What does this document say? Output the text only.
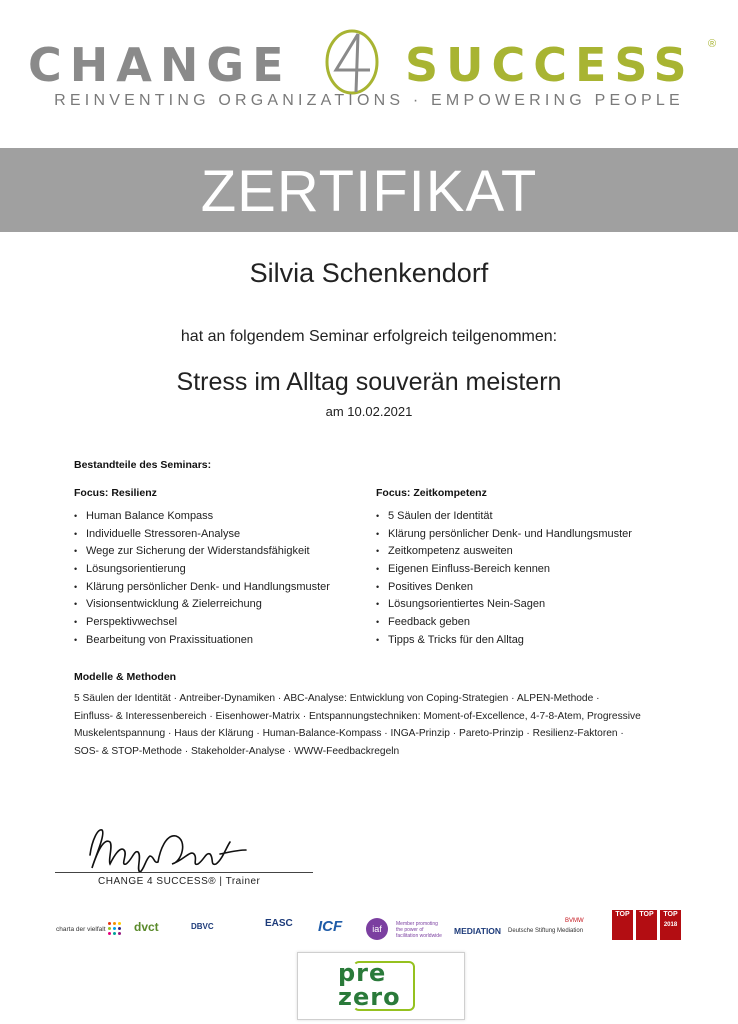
CHANGE SUCCESS ®
REINVENTING ORGANIZATIONS · EMPOWERING PEOPLE
ZERTIFIKAT
Silvia Schenkendorf
hat an folgendem Seminar erfolgreich teilgenommen:
Stress im Alltag souverän meistern
am 10.02.2021
Bestandteile des Seminars:
Focus: Resilienz	Focus: Zeitkompetenz
• Human Balance Kompass
• Individuelle Stressoren-Analyse
• Wege zur Sicherung der Widerstandsfähigkeit
• Lösungsorientierung
• Klärung persönlicher Denk- und Handlungsmuster
• Visionsentwicklung & Zielerreichung
• Perspektivwechsel
• Bearbeitung von Praxissituationen
• 5 Säulen der Identität
• Klärung persönlicher Denk- und Handlungsmuster
• Zeitkompetenz ausweiten
• Eigenen Einfluss-Bereich kennen
• Positives Denken
• Lösungsorientiertes Nein-Sagen
• Feedback geben
• Tipps & Tricks für den Alltag
Modelle & Methoden
5 Säulen der Identität · Antreiber-Dynamiken · ABC-Analyse: Entwicklung von Coping-Strategien · ALPEN-Methode ·
Einfluss- & Interessenbereich · Eisenhower-Matrix · Entspannungstechniken: Moment-of-Excellence, 4-7-8-Atem, Progressive
Muskelentspannung · Haus der Klärung · Human-Balance-Kompass · INGA-Prinzip · Pareto-Prinzip · Resilienz-Faktoren ·
SOS- & STOP-Methode · Stakeholder-Analyse · WWW-Feedbackregeln
CHANGE 4 SUCCESS® | Trainer
charta der vielfalt dvct	DBVC	EASC ICF	iaf	Member promoting the power of facilitation worldwide	MEDIATION Deutsche Stiftung Mediation
BVMW
TOP	TOP	TOP
2018
pre
zero
